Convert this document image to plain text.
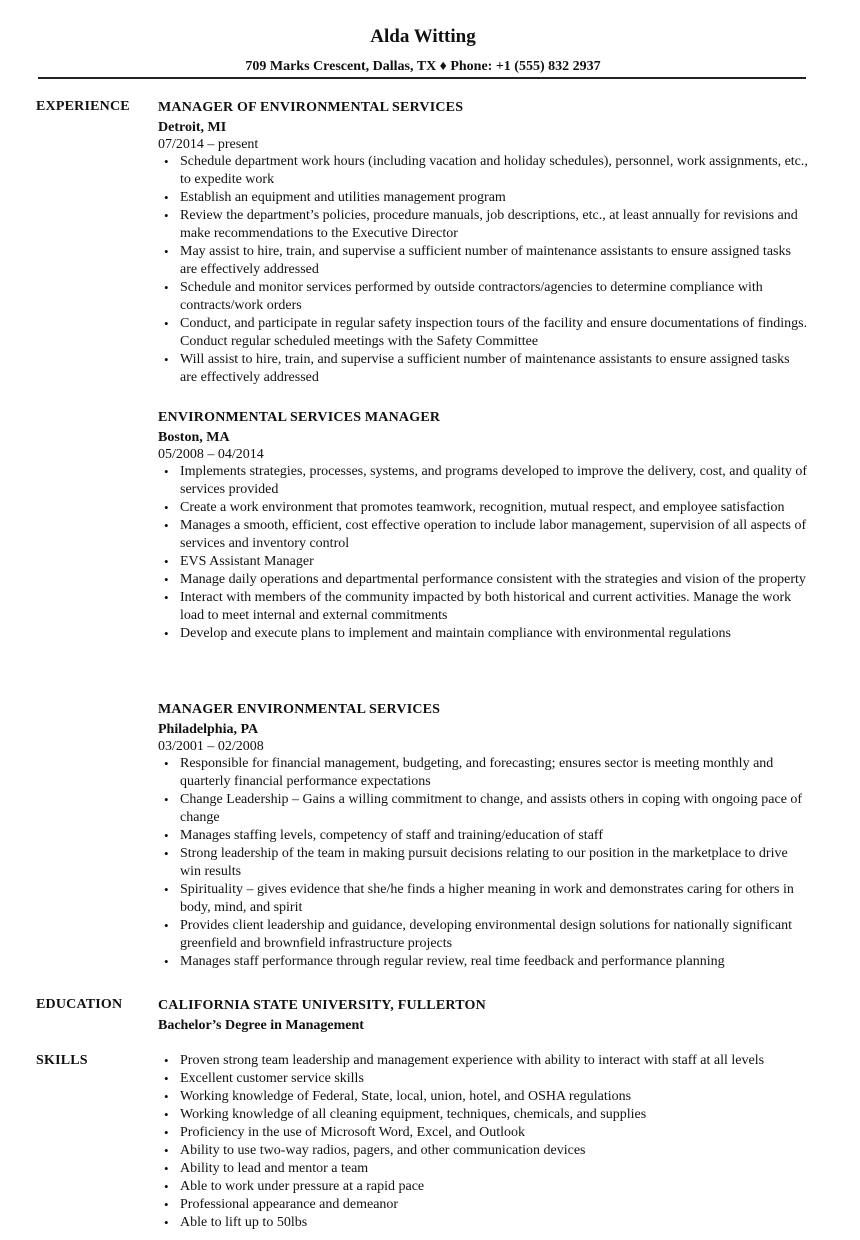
Alda Witting
709 Marks Crescent, Dallas, TX ♦ Phone: +1 (555) 832 2937
EXPERIENCE MANAGER OF ENVIRONMENTAL SERVICES
Detroit, MI
07/2014 – present
• Schedule department work hours (including vacation and holiday schedules), personnel, work assignments, etc., to expedite work
• Establish an equipment and utilities management program
• Review the department’s policies, procedure manuals, job descriptions, etc., at least annually for revisions and make recommendations to the Executive Director
• May assist to hire, train, and supervise a sufficient number of maintenance assistants to ensure assigned tasks are effectively addressed
• Schedule and monitor services performed by outside contractors/agencies to determine compliance with contracts/work orders
• Conduct, and participate in regular safety inspection tours of the facility and ensure documentations of findings. Conduct regular scheduled meetings with the Safety Committee
• Will assist to hire, train, and supervise a sufficient number of maintenance assistants to ensure assigned tasks are effectively addressed
ENVIRONMENTAL SERVICES MANAGER
Boston, MA
05/2008 – 04/2014
• Implements strategies, processes, systems, and programs developed to improve the delivery, cost, and quality of services provided
• Create a work environment that promotes teamwork, recognition, mutual respect, and employee satisfaction
• Manages a smooth, efficient, cost effective operation to include labor management, supervision of all aspects of services and inventory control
• EVS Assistant Manager
• Manage daily operations and departmental performance consistent with the strategies and vision of the property
• Interact with members of the community impacted by both historical and current activities. Manage the work load to meet internal and external commitments
• Develop and execute plans to implement and maintain compliance with environmental regulations
MANAGER ENVIRONMENTAL SERVICES
Philadelphia, PA
03/2001 – 02/2008
• Responsible for financial management, budgeting, and forecasting; ensures sector is meeting monthly and quarterly financial performance expectations
• Change Leadership – Gains a willing commitment to change, and assists others in coping with ongoing pace of change
• Manages staffing levels, competency of staff and training/education of staff
• Strong leadership of the team in making pursuit decisions relating to our position in the marketplace to drive win results
• Spirituality – gives evidence that she/he finds a higher meaning in work and demonstrates caring for others in body, mind, and spirit
• Provides client leadership and guidance, developing environmental design solutions for nationally significant greenfield and brownfield infrastructure projects
• Manages staff performance through regular review, real time feedback and performance planning
EDUCATION	CALIFORNIA STATE UNIVERSITY, FULLERTON
Bachelor’s Degree in Management
SKILLS	• Proven strong team leadership and management experience with ability to interact with staff at all levels
• Excellent customer service skills
• Working knowledge of Federal, State, local, union, hotel, and OSHA regulations
• Working knowledge of all cleaning equipment, techniques, chemicals, and supplies
• Proficiency in the use of Microsoft Word, Excel, and Outlook
• Ability to use two-way radios, pagers, and other communication devices
• Ability to lead and mentor a team
• Able to work under pressure at a rapid pace
• Professional appearance and demeanor
• Able to lift up to 50lbs
